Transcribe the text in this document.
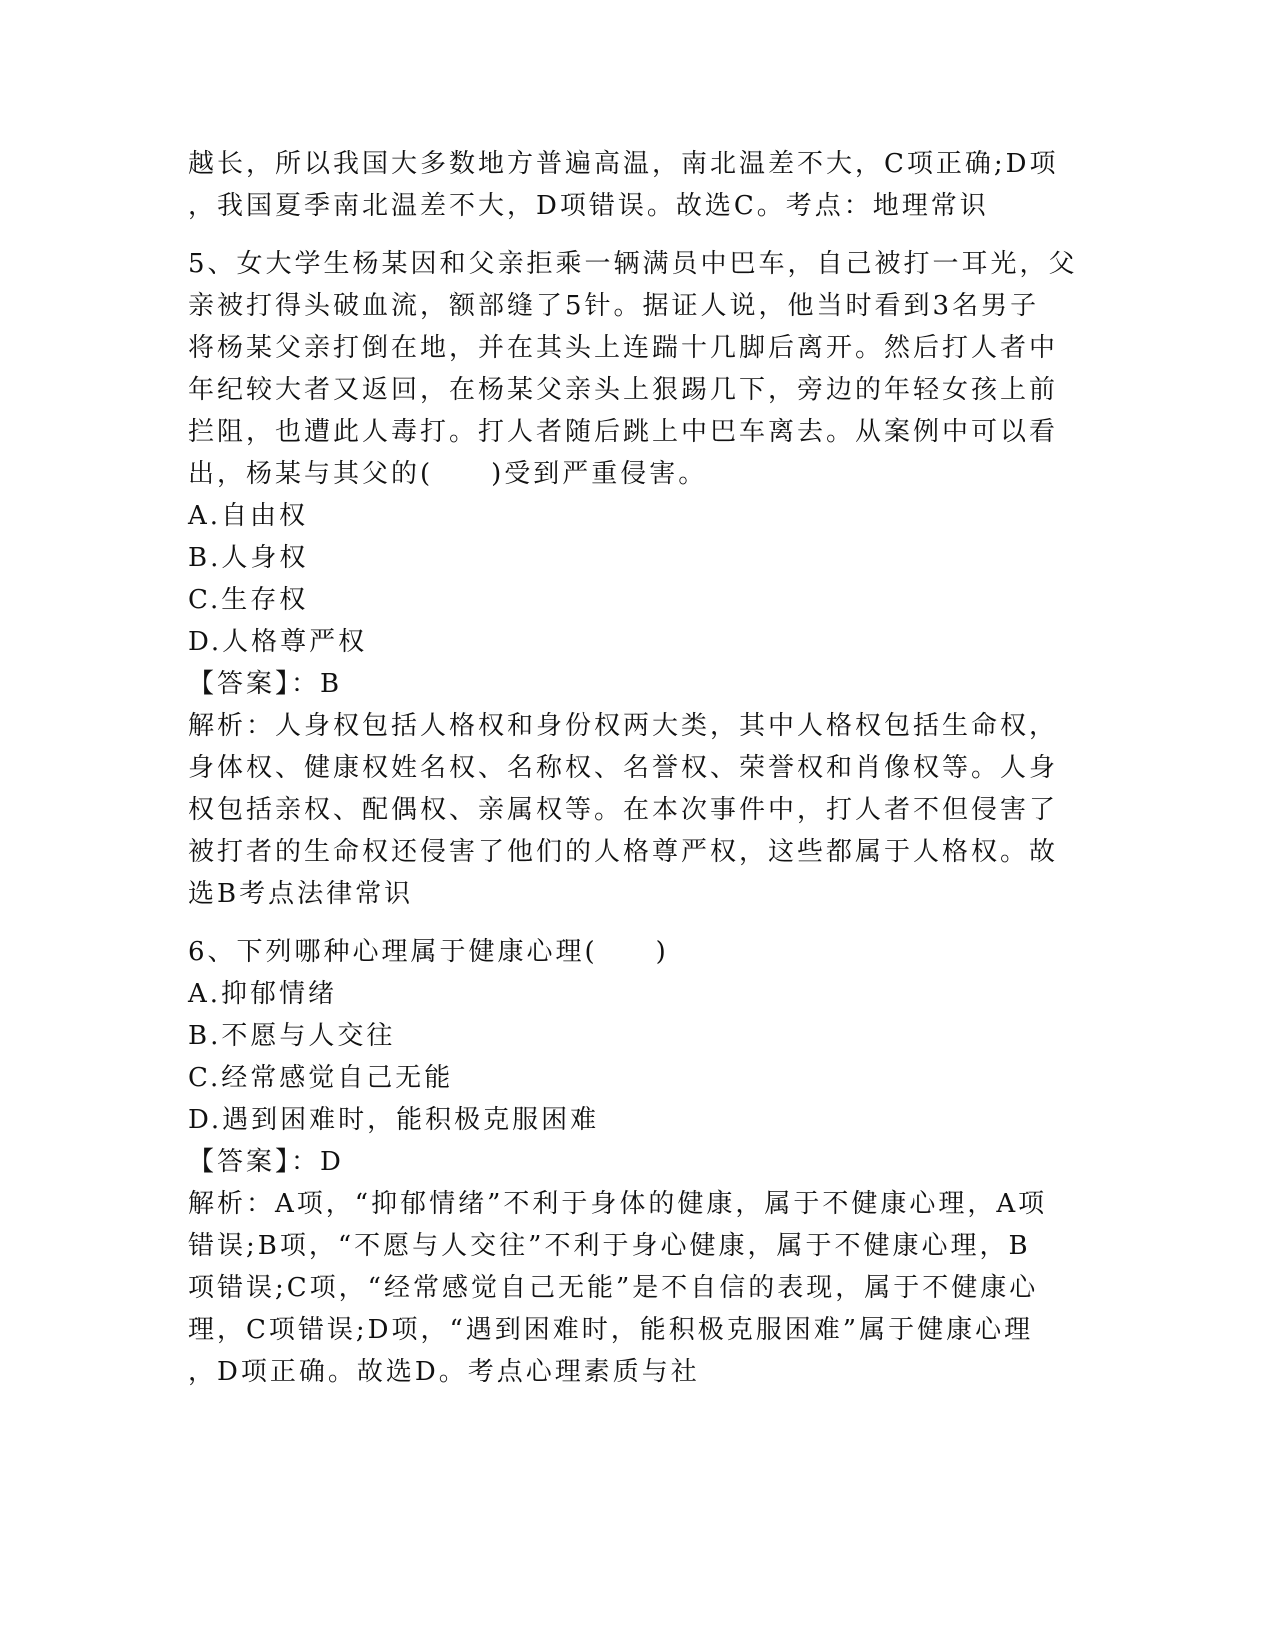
越长，所以我国大多数地方普遍高温，南北温差不大，C项正确;D项
，我国夏季南北温差不大，D项错误。故选C。考点：地理常识
5、女大学生杨某因和父亲拒乘一辆满员中巴车，自己被打一耳光，父
亲被打得头破血流，额部缝了5针。据证人说，他当时看到3名男子
将杨某父亲打倒在地，并在其头上连踹十几脚后离开。然后打人者中
年纪较大者又返回，在杨某父亲头上狠踢几下，旁边的年轻女孩上前
拦阻，也遭此人毒打。打人者随后跳上中巴车离去。从案例中可以看
出，杨某与其父的(　　)受到严重侵害。
A.自由权
B.人身权
C.生存权
D.人格尊严权
【答案】：B
解析：人身权包括人格权和身份权两大类，其中人格权包括生命权，
身体权、健康权姓名权、名称权、名誉权、荣誉权和肖像权等。人身
权包括亲权、配偶权、亲属权等。在本次事件中，打人者不但侵害了
被打者的生命权还侵害了他们的人格尊严权，这些都属于人格权。故
选B考点法律常识
6、下列哪种心理属于健康心理(　　)
A.抑郁情绪
B.不愿与人交往
C.经常感觉自己无能
D.遇到困难时，能积极克服困难
【答案】：D
解析：A项，“抑郁情绪”不利于身体的健康，属于不健康心理，A项
错误;B项，“不愿与人交往”不利于身心健康，属于不健康心理，B
项错误;C项，“经常感觉自己无能”是不自信的表现，属于不健康心
理，C项错误;D项，“遇到困难时，能积极克服困难”属于健康心理
，D项正确。故选D。考点心理素质与社
